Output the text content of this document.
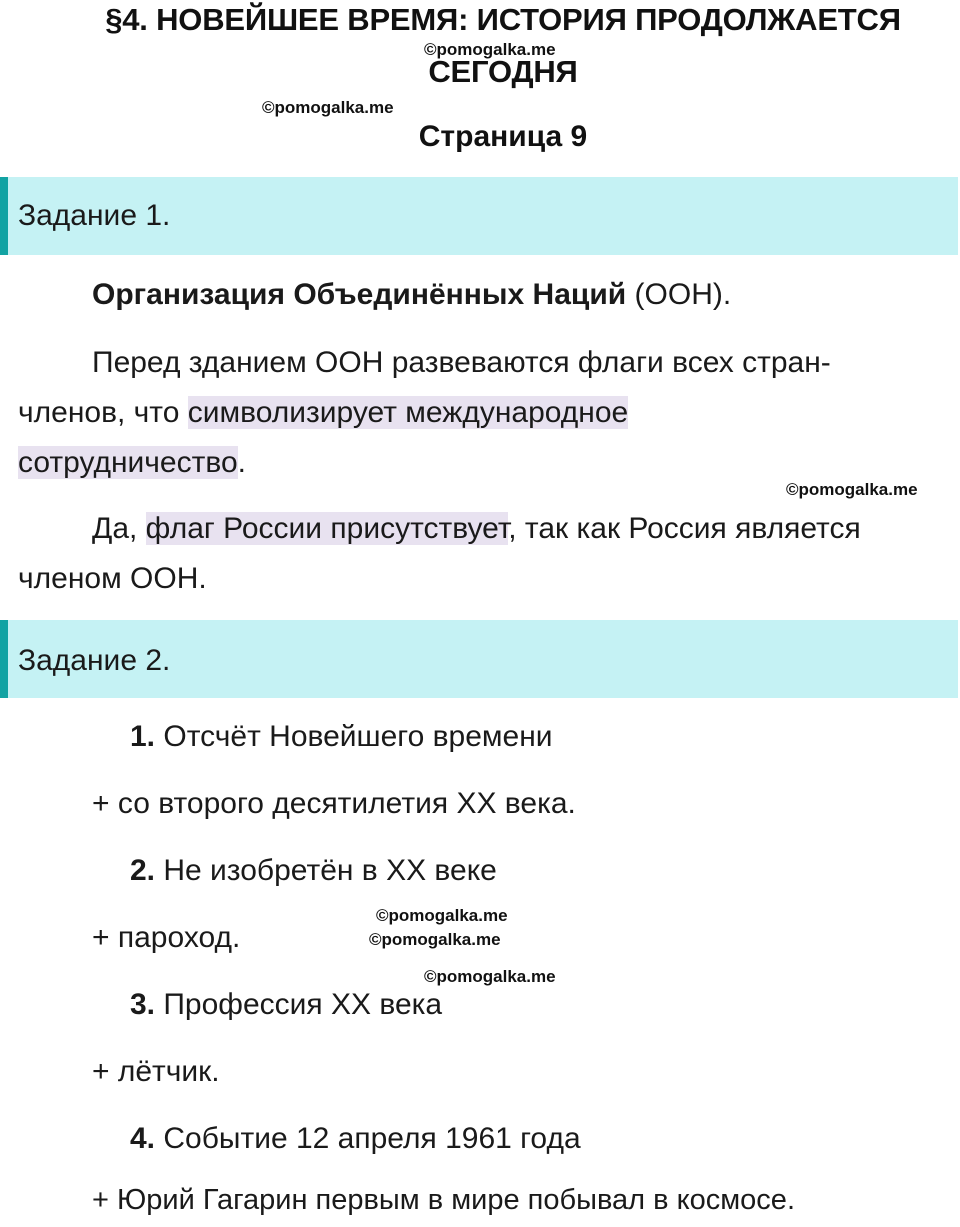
§4. НОВЕЙШЕЕ ВРЕМЯ: ИСТОРИЯ ПРОДОЛЖАЕТСЯ
СЕГОДНЯ
©pomogalka.me
©pomogalka.me
Страница 9
Задание 1.
Организация Объединённых Наций (ООН).
Перед зданием ООН развеваются флаги всех стран-
членов, что символизирует международное
сотрудничество.
©pomogalka.me
Да, флаг России присутствует, так как Россия является
членом ООН.
Задание 2.
1. Отсчёт Новейшего времени
+ со второго десятилетия XX века.
2. Не изобретён в XX веке
©pomogalka.me
©pomogalka.me
+ пароход.
©pomogalka.me
3. Профессия XX века
+ лётчик.
4. Событие 12 апреля 1961 года
+ Юрий Гагарин первым в мире побывал в космосе.
